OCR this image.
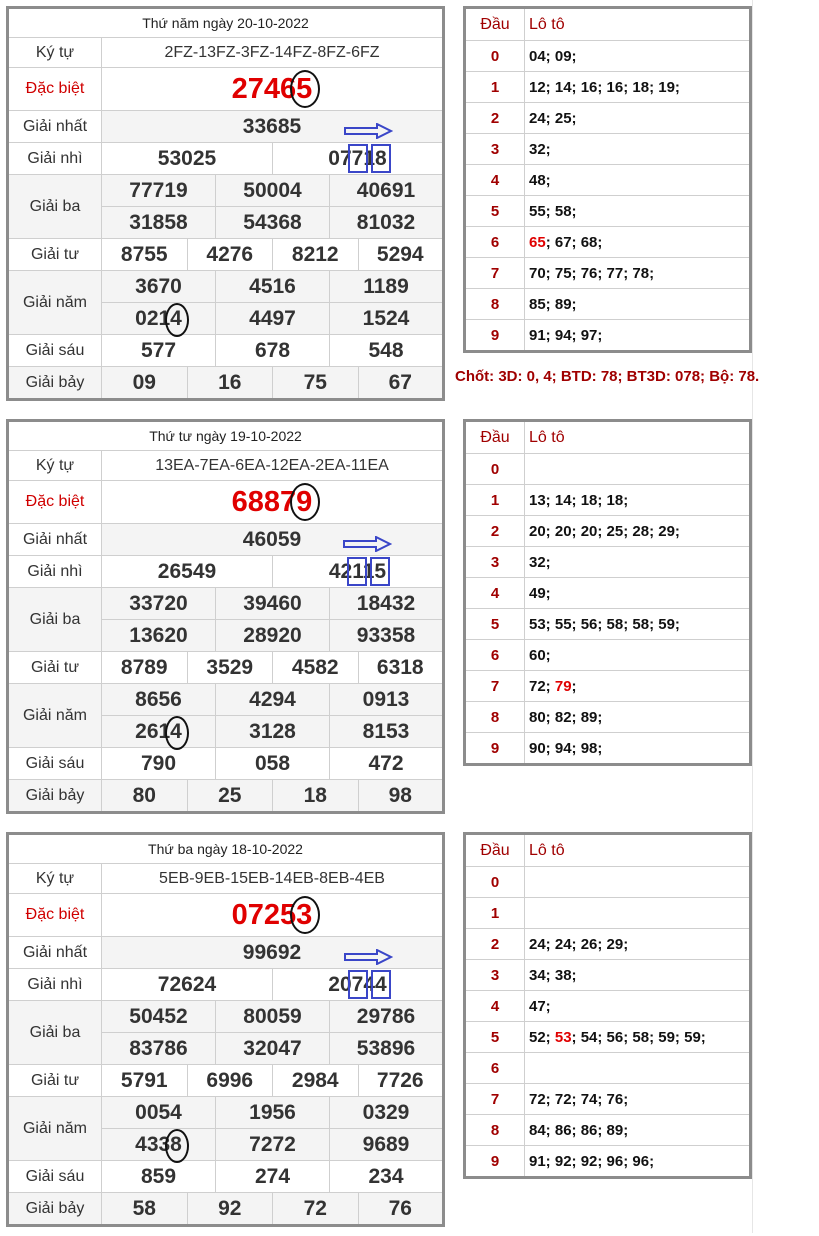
Thứ năm ngày 20-10-2022						
Ký tự	2FZ-13FZ-3FZ-14FZ-8FZ-6FZ					
Đặc biệt	27465					

Giải nhất	33685					
Giải nhì	53025			07718		

Giải ba	77719		50004		40691	
	31858		54368		81032	
Giải tư	8755	4276		8212		5294
Giải năm	3670		4516		1189	
	0214		4497		1524	
Giải sáu	577		678		548	
Giải bảy	09	16		75		67
Đầu	Lô tô
0	04; 09;
1	12; 14; 16; 16; 18; 19;
2	24; 25;
3	32;
4	48;
5	55; 58;
6	65; 67; 68;
7	70; 75; 76; 77; 78;
8	85; 89;
9	91; 94; 97;
Chốt: 3D: 0, 4; BTD: 78; BT3D: 078; Bộ: 78.
Thứ tư ngày 19-10-2022						
Ký tự	13EA-7EA-6EA-12EA-2EA-11EA					
Đặc biệt	68879					

Giải nhất	46059					
Giải nhì	26549			42115		

Giải ba	33720		39460		18432	
	13620		28920		93358	
Giải tư	8789	3529		4582		6318
Giải năm	8656		4294		0913	
	2614		3128		8153	
Giải sáu	790		058		472	
Giải bảy	80	25		18		98
Đầu	Lô tô
0	
1	13; 14; 18; 18;
2	20; 20; 20; 25; 28; 29;
3	32;
4	49;
5	53; 55; 56; 58; 58; 59;
6	60;
7	72; 79;
8	80; 82; 89;
9	90; 94; 98;
Thứ ba ngày 18-10-2022						
Ký tự	5EB-9EB-15EB-14EB-8EB-4EB					
Đặc biệt	07253					

Giải nhất	99692					
Giải nhì	72624			20744		

Giải ba	50452		80059		29786	
	83786		32047		53896	
Giải tư	5791	6996		2984		7726
Giải năm	0054		1956		0329	
	4338		7272		9689	
Giải sáu	859		274		234	
Giải bảy	58	92		72		76
Đầu	Lô tô
0	
1	
2	24; 24; 26; 29;
3	34; 38;
4	47;
5	52; 53; 54; 56; 58; 59; 59;
6	
7	72; 72; 74; 76;
8	84; 86; 86; 89;
9	91; 92; 92; 96; 96;
